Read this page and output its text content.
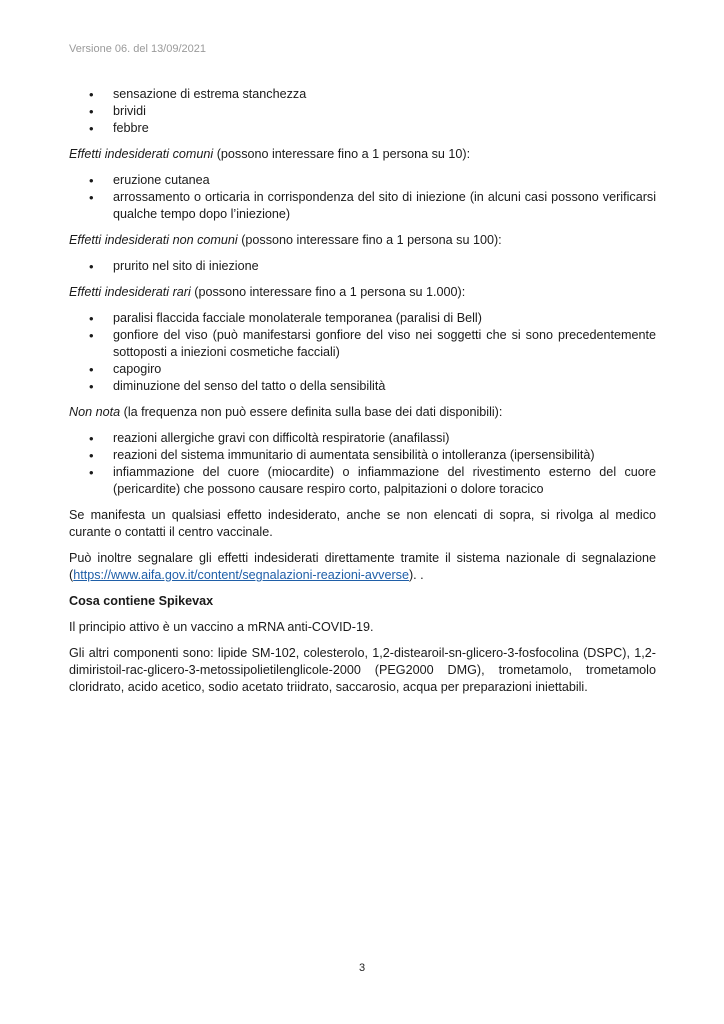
Versione 06. del 13/09/2021
• sensazione di estrema stanchezza
• brividi
• febbre

Effetti indesiderati comuni (possono interessare fino a 1 persona su 10):

• eruzione cutanea
• arrossamento o orticaria in corrispondenza del sito di iniezione (in alcuni casi possono verificarsi qualche tempo dopo l’iniezione)

Effetti indesiderati non comuni (possono interessare fino a 1 persona su 100):

• prurito nel sito di iniezione

Effetti indesiderati rari (possono interessare fino a 1 persona su 1.000):

• paralisi flaccida facciale monolaterale temporanea (paralisi di Bell)
• gonfiore del viso (può manifestarsi gonfiore del viso nei soggetti che si sono precedentemente sottoposti a iniezioni cosmetiche facciali)
• capogiro
• diminuzione del senso del tatto o della sensibilità

Non nota (la frequenza non può essere definita sulla base dei dati disponibili):

• reazioni allergiche gravi con difficoltà respiratorie (anafilassi)
• reazioni del sistema immunitario di aumentata sensibilità o intolleranza (ipersensibilità)
• infiammazione del cuore (miocardite) o infiammazione del rivestimento esterno del cuore (pericardite) che possono causare respiro corto, palpitazioni o dolore toracico

Se manifesta un qualsiasi effetto indesiderato, anche se non elencati di sopra, si rivolga al medico curante o contatti il centro vaccinale.

Può inoltre segnalare gli effetti indesiderati direttamente tramite il sistema nazionale di segnalazione (https://www.aifa.gov.it/content/segnalazioni-reazioni-avverse). .

Cosa contiene Spikevax

Il principio attivo è un vaccino a mRNA anti-COVID-19.

Gli altri componenti sono: lipide SM-102, colesterolo, 1,2-distearoil-sn-glicero-3-fosfocolina (DSPC), 1,2-dimiristoil-rac-glicero-3-metossipolietilenglicole-2000 (PEG2000 DMG), trometamolo, trometamolo cloridrato, acido acetico, sodio acetato triidrato, saccarosio, acqua per preparazioni iniettabili.

3
